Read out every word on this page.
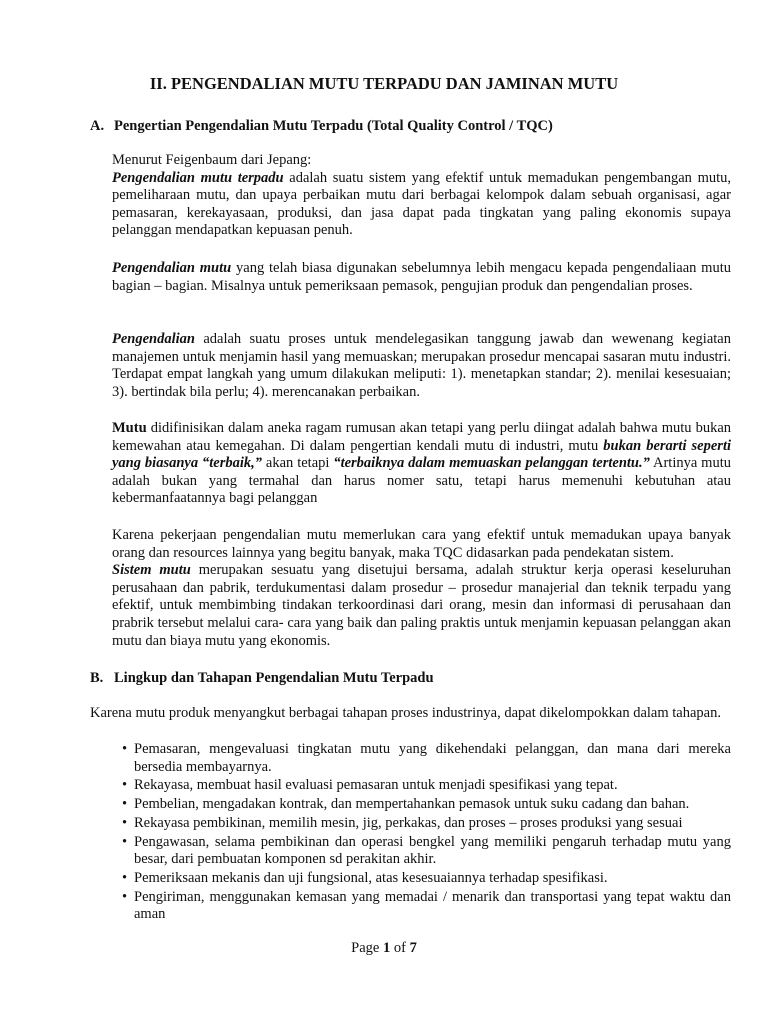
II. PENGENDALIAN MUTU TERPADU DAN JAMINAN MUTU
A. Pengertian Pengendalian Mutu Terpadu (Total Quality Control / TQC)

Menurut Feigenbaum dari Jepang:

Pengendalian mutu terpadu adalah suatu sistem yang efektif untuk memadukan pengembangan mutu, pemeliharaan mutu, dan upaya perbaikan mutu dari berbagai kelompok dalam sebuah organisasi, agar pemasaran, kerekayasaan, produksi, dan jasa dapat pada tingkatan yang paling ekonomis supaya pelanggan mendapatkan kepuasan penuh.

Pengendalian mutu yang telah biasa digunakan sebelumnya lebih mengacu kepada pengendaliaan mutu bagian – bagian. Misalnya untuk pemeriksaan pemasok, pengujian produk dan pengendalian proses.

Pengendalian adalah suatu proses untuk mendelegasikan tanggung jawab dan wewenang kegiatan manajemen untuk menjamin hasil yang memuaskan; merupakan prosedur mencapai sasaran mutu industri. Terdapat empat langkah yang umum dilakukan meliputi: 1). menetapkan standar; 2). menilai kesesuaian; 3). bertindak bila perlu; 4). merencanakan perbaikan.

Mutu didifinisikan dalam aneka ragam rumusan akan tetapi yang perlu diingat adalah bahwa mutu bukan kemewahan atau kemegahan. Di dalam pengertian kendali mutu di industri, mutu bukan berarti seperti yang biasanya “terbaik,” akan tetapi “terbaiknya dalam memuaskan pelanggan tertentu.” Artinya mutu adalah bukan yang termahal dan harus nomer satu, tetapi harus memenuhi kebutuhan atau kebermanfaatannya bagi pelanggan

Karena pekerjaan pengendalian mutu memerlukan cara yang efektif untuk memadukan upaya banyak orang dan resources lainnya yang begitu banyak, maka TQC didasarkan pada pendekatan sistem.

Sistem mutu merupakan sesuatu yang disetujui bersama, adalah struktur kerja operasi keseluruhan perusahaan dan pabrik, terdukumentasi dalam prosedur – prosedur manajerial dan teknik terpadu yang efektif, untuk membimbing tindakan terkoordinasi dari orang, mesin dan informasi di perusahaan dan prabrik tersebut melalui cara- cara yang baik dan paling praktis untuk menjamin kepuasan pelanggan akan mutu dan biaya mutu yang ekonomis.

B. Lingkup dan Tahapan Pengendalian Mutu Terpadu

Karena mutu produk menyangkut berbagai tahapan proses industrinya, dapat dikelompokkan dalam tahapan.

• Pemasaran, mengevaluasi tingkatan mutu yang dikehendaki pelanggan, dan mana dari mereka bersedia membayarnya.
• Rekayasa, membuat hasil evaluasi pemasaran untuk menjadi spesifikasi yang tepat.
• Pembelian, mengadakan kontrak, dan mempertahankan pemasok untuk suku cadang dan bahan.
• Rekayasa pembikinan, memilih mesin, jig, perkakas, dan proses – proses produksi yang sesuai
• Pengawasan, selama pembikinan dan operasi bengkel yang memiliki pengaruh terhadap mutu yang besar, dari pembuatan komponen sd perakitan akhir.
• Pemeriksaan mekanis dan uji fungsional, atas kesesuaiannya terhadap spesifikasi.
• Pengiriman, menggunakan kemasan yang memadai / menarik dan transportasi yang tepat waktu dan aman
Page 1 of 7
